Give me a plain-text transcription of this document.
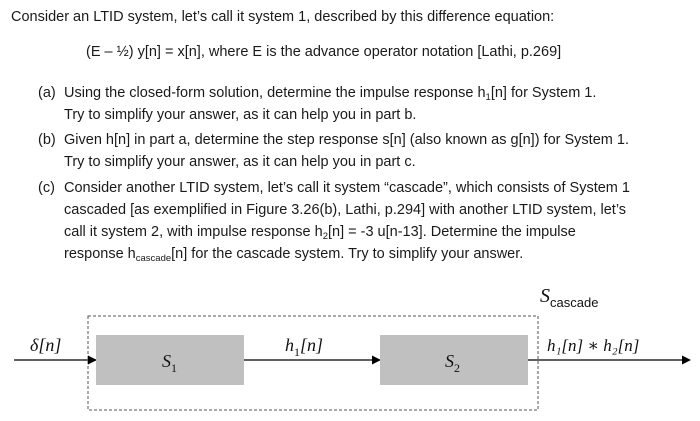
Consider an LTID system, let’s call it system 1, described by this difference equation:
(E – ½) y[n] = x[n], where E is the advance operator notation [Lathi, p.269]
(a) Using the closed-form solution, determine the impulse response $h_1[n]$ for System 1.
Try to simplify your answer, as it can help you in part b.
(b) Given h[n] in part a, determine the step response s[n] (also known as g[n]) for System 1.
Try to simplify your answer, as it can help you in part c.
(c) Consider another LTID system, let’s call it system “cascade”, which consists of System 1
cascaded [as exemplified in Figure 3.26(b), Lathi, p.294] with another LTID system, let’s
call it system 2, with impulse response $h_2[n] = -3$ u[n-13]. Determine the impulse
response $h_{cascade}[n]$ for the cascade system. Try to simplify your answer.
$S_{cascade}$
δ[n]
$S_1$
$h_1[n]$
$S_2$
h₁[n] ∗ h₂[n]
